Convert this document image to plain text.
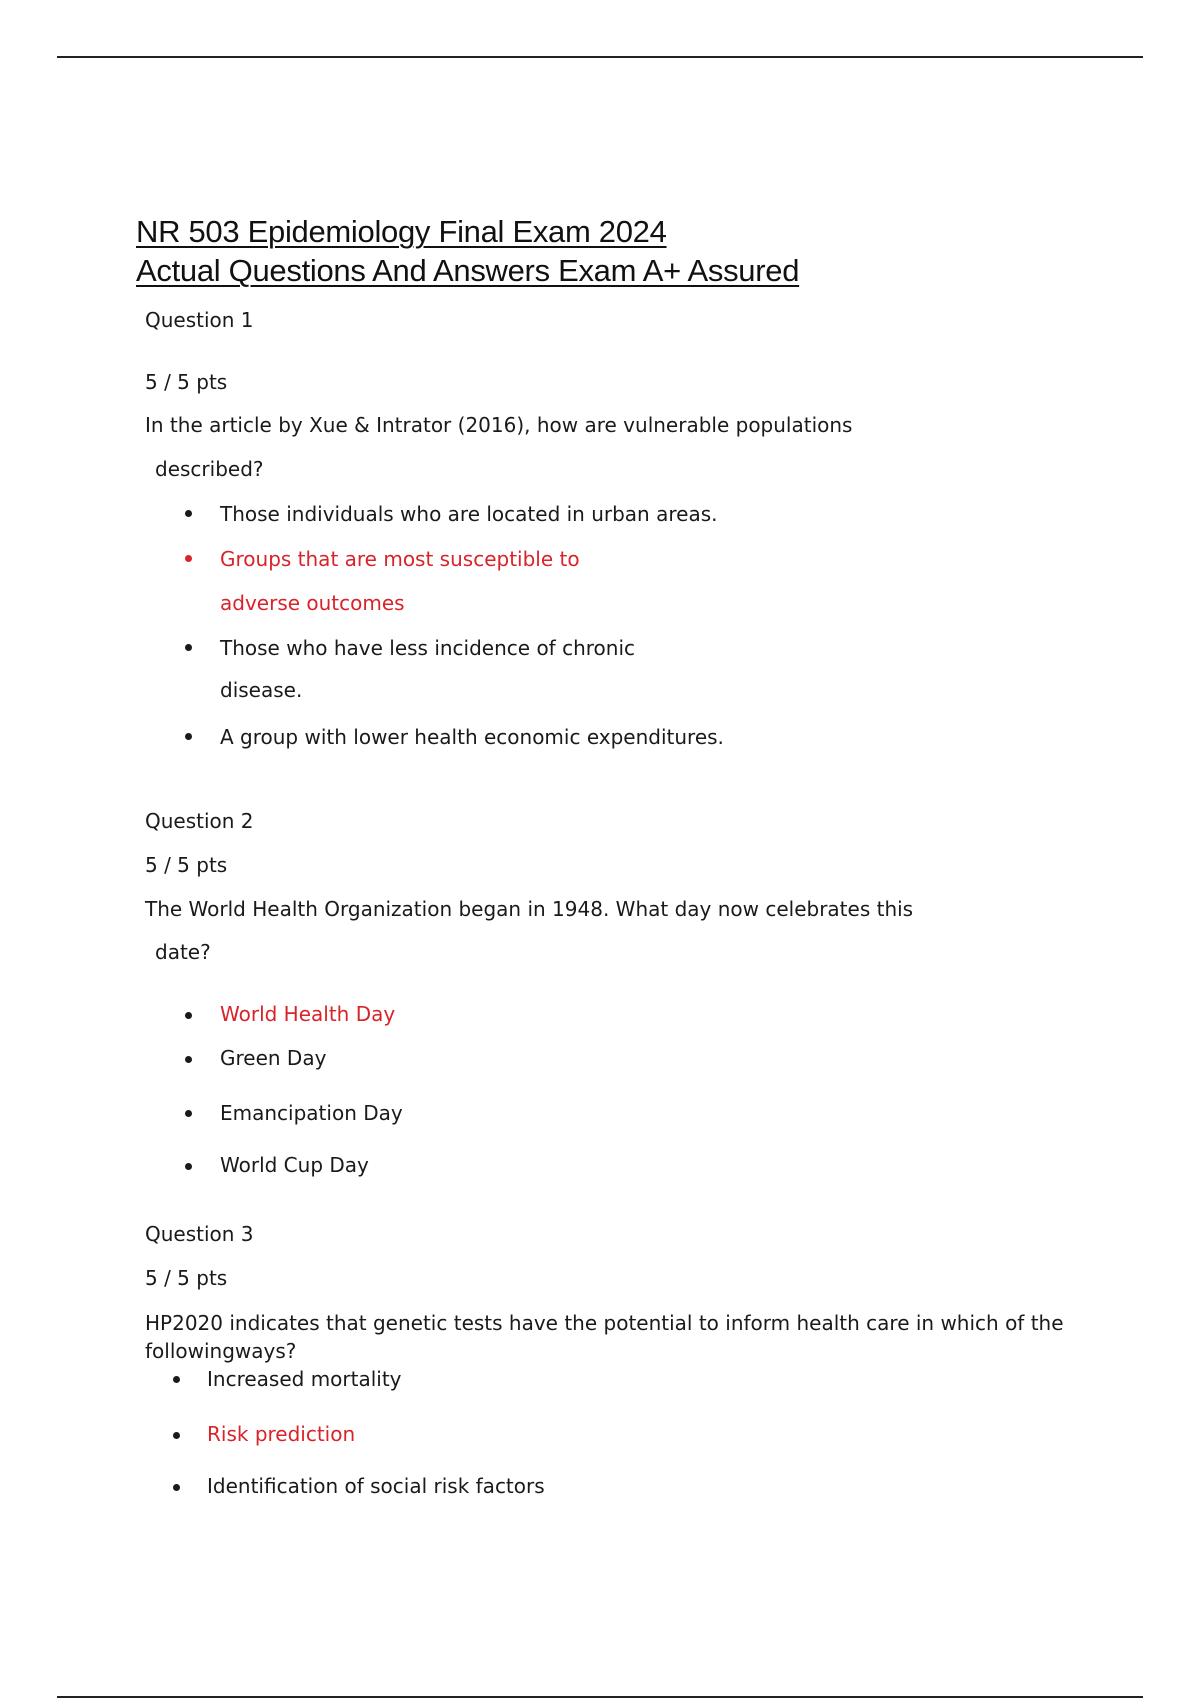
NR 503 Epidemiology Final Exam 2024
Actual Questions And Answers Exam A+ Assured
Question 1
5 / 5 pts
In the article by Xue & Intrator (2016), how are vulnerable populations
described?
Those individuals who are located in urban areas.
Groups that are most susceptible to
adverse outcomes
Those who have less incidence of chronic
disease.
A group with lower health economic expenditures.
Question 2
5 / 5 pts
The World Health Organization began in 1948. What day now celebrates this
date?
World Health Day
Green Day
Emancipation Day
World Cup Day
Question 3
5 / 5 pts
HP2020 indicates that genetic tests have the potential to inform health care in which of the
followingways?
Increased mortality
Risk prediction
Identification of social risk factors
